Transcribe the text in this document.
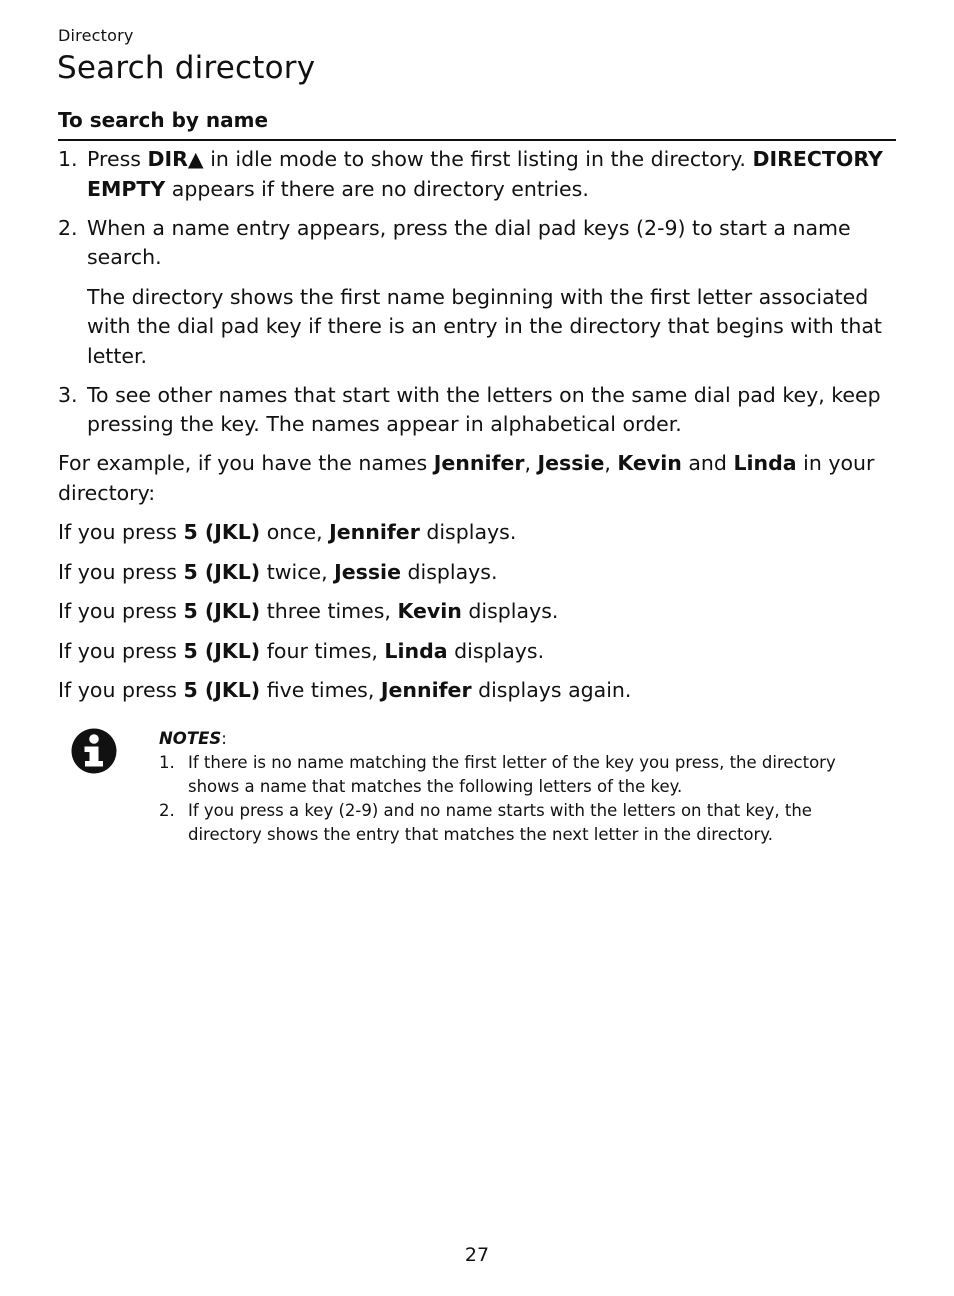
Directory
Search directory
To search by name
1. Press DIR▲ in idle mode to show the first listing in the directory. DIRECTORY EMPTY appears if there are no directory entries.

2. When a name entry appears, press the dial pad keys (2-9) to start a name search.

The directory shows the first name beginning with the first letter associated with the dial pad key if there is an entry in the directory that begins with that letter.

3. To see other names that start with the letters on the same dial pad key, keep pressing the key. The names appear in alphabetical order.

For example, if you have the names Jennifer, Jessie, Kevin and Linda in your directory:

If you press 5 (JKL) once, Jennifer displays.

If you press 5 (JKL) twice, Jessie displays.

If you press 5 (JKL) three times, Kevin displays.

If you press 5 (JKL) four times, Linda displays.

If you press 5 (JKL) five times, Jennifer displays again.

NOTES:
1. If there is no name matching the first letter of the key you press, the directory shows a name that matches the following letters of the key.
2. If you press a key (2-9) and no name starts with the letters on that key, the directory shows the entry that matches the next letter in the directory.
27
